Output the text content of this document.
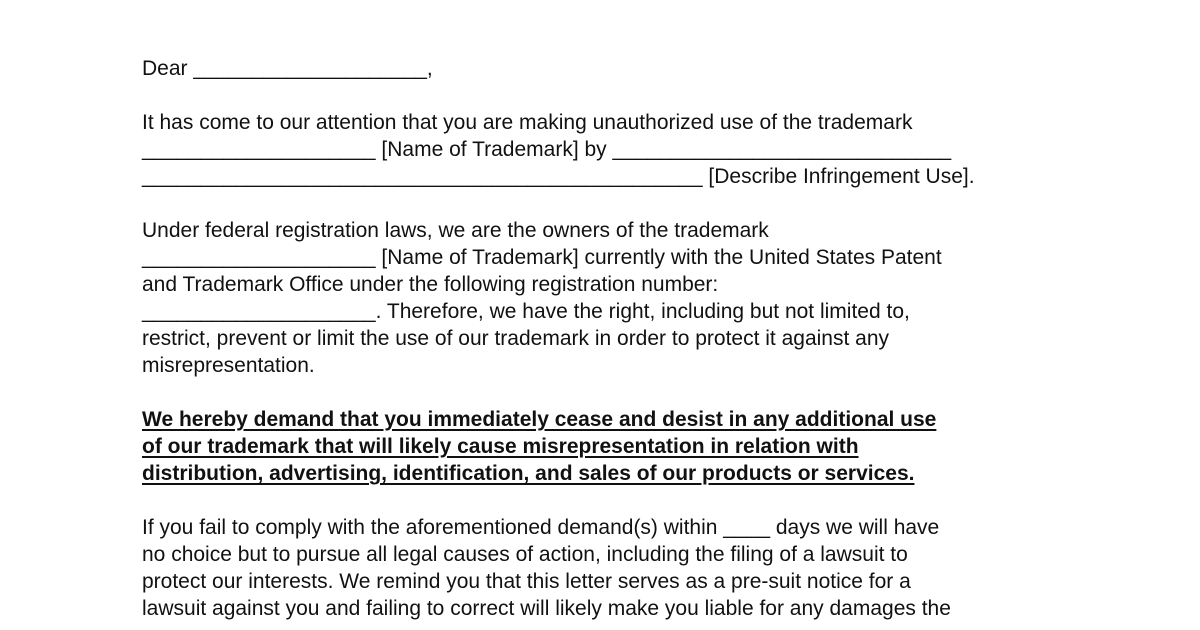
Dear ____________________,

It has come to our attention that you are making unauthorized use of the trademark
____________________ [Name of Trademark] by _____________________________
________________________________________________ [Describe Infringement Use].

Under federal registration laws, we are the owners of the trademark
____________________ [Name of Trademark] currently with the United States Patent
and Trademark Office under the following registration number:
____________________. Therefore, we have the right, including but not limited to,
restrict, prevent or limit the use of our trademark in order to protect it against any
misrepresentation.

We hereby demand that you immediately cease and desist in any additional use
of our trademark that will likely cause misrepresentation in relation with
distribution, advertising, identification, and sales of our products or services.

If you fail to comply with the aforementioned demand(s) within ____ days we will have
no choice but to pursue all legal causes of action, including the filing of a lawsuit to
protect our interests. We remind you that this letter serves as a pre-suit notice for a
lawsuit against you and failing to correct will likely make you liable for any damages the
